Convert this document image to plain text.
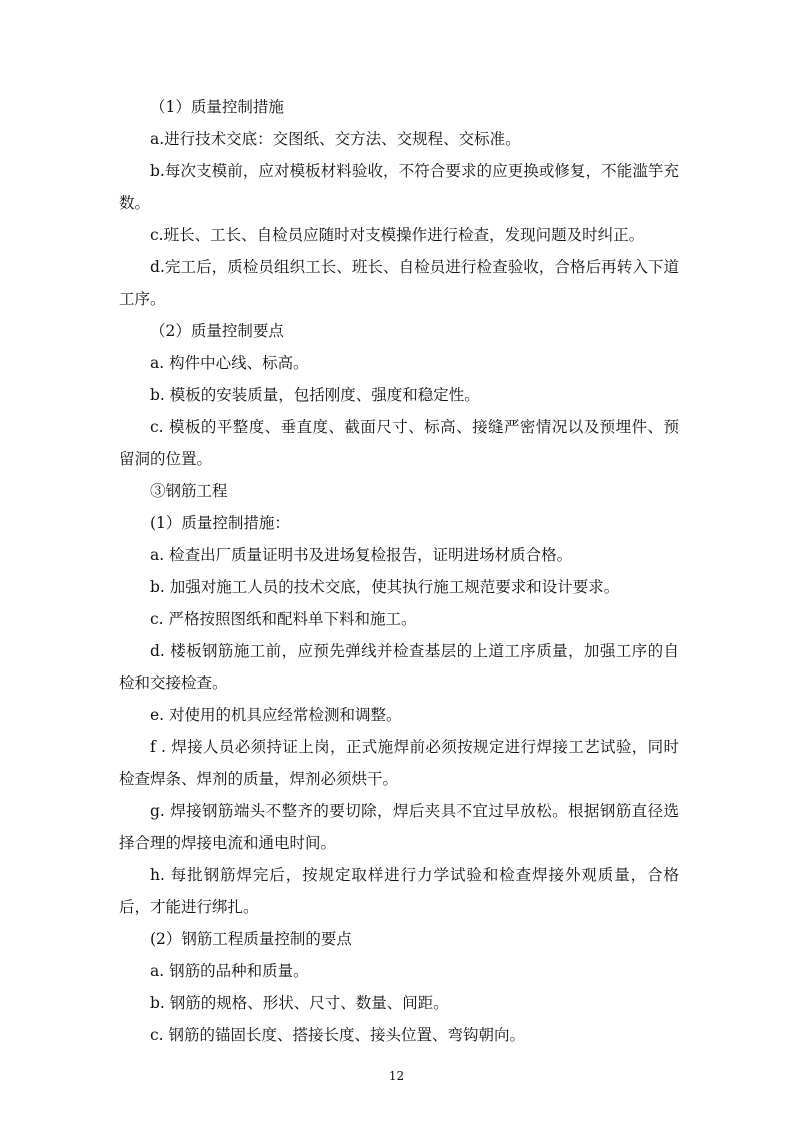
（1）质量控制措施

a.进行技术交底：交图纸、交方法、交规程、交标准。

b.每次支模前，应对模板材料验收，不符合要求的应更换或修复，不能滥竽充数。

c.班长、工长、自检员应随时对支模操作进行检查，发现问题及时纠正。

d.完工后，质检员组织工长、班长、自检员进行检查验收，合格后再转入下道工序。

（2）质量控制要点

a. 构件中心线、标高。

b. 模板的安装质量，包括刚度、强度和稳定性。

c. 模板的平整度、垂直度、截面尺寸、标高、接缝严密情况以及预埋件、预留洞的位置。

③钢筋工程

(1）质量控制措施：

a. 检查出厂质量证明书及进场复检报告，证明进场材质合格。

b. 加强对施工人员的技术交底，使其执行施工规范要求和设计要求。

c. 严格按照图纸和配料单下料和施工。

d. 楼板钢筋施工前，应预先弹线并检查基层的上道工序质量，加强工序的自检和交接检查。

e. 对使用的机具应经常检测和调整。

f . 焊接人员必须持证上岗，正式施焊前必须按规定进行焊接工艺试验，同时检查焊条、焊剂的质量，焊剂必须烘干。

g. 焊接钢筋端头不整齐的要切除，焊后夹具不宜过早放松。根据钢筋直径选择合理的焊接电流和通电时间。

h. 每批钢筋焊完后，按规定取样进行力学试验和检查焊接外观质量，合格后，才能进行绑扎。

(2）钢筋工程质量控制的要点

a. 钢筋的品种和质量。

b. 钢筋的规格、形状、尺寸、数量、间距。

c. 钢筋的锚固长度、搭接长度、接头位置、弯钩朝向。

12
